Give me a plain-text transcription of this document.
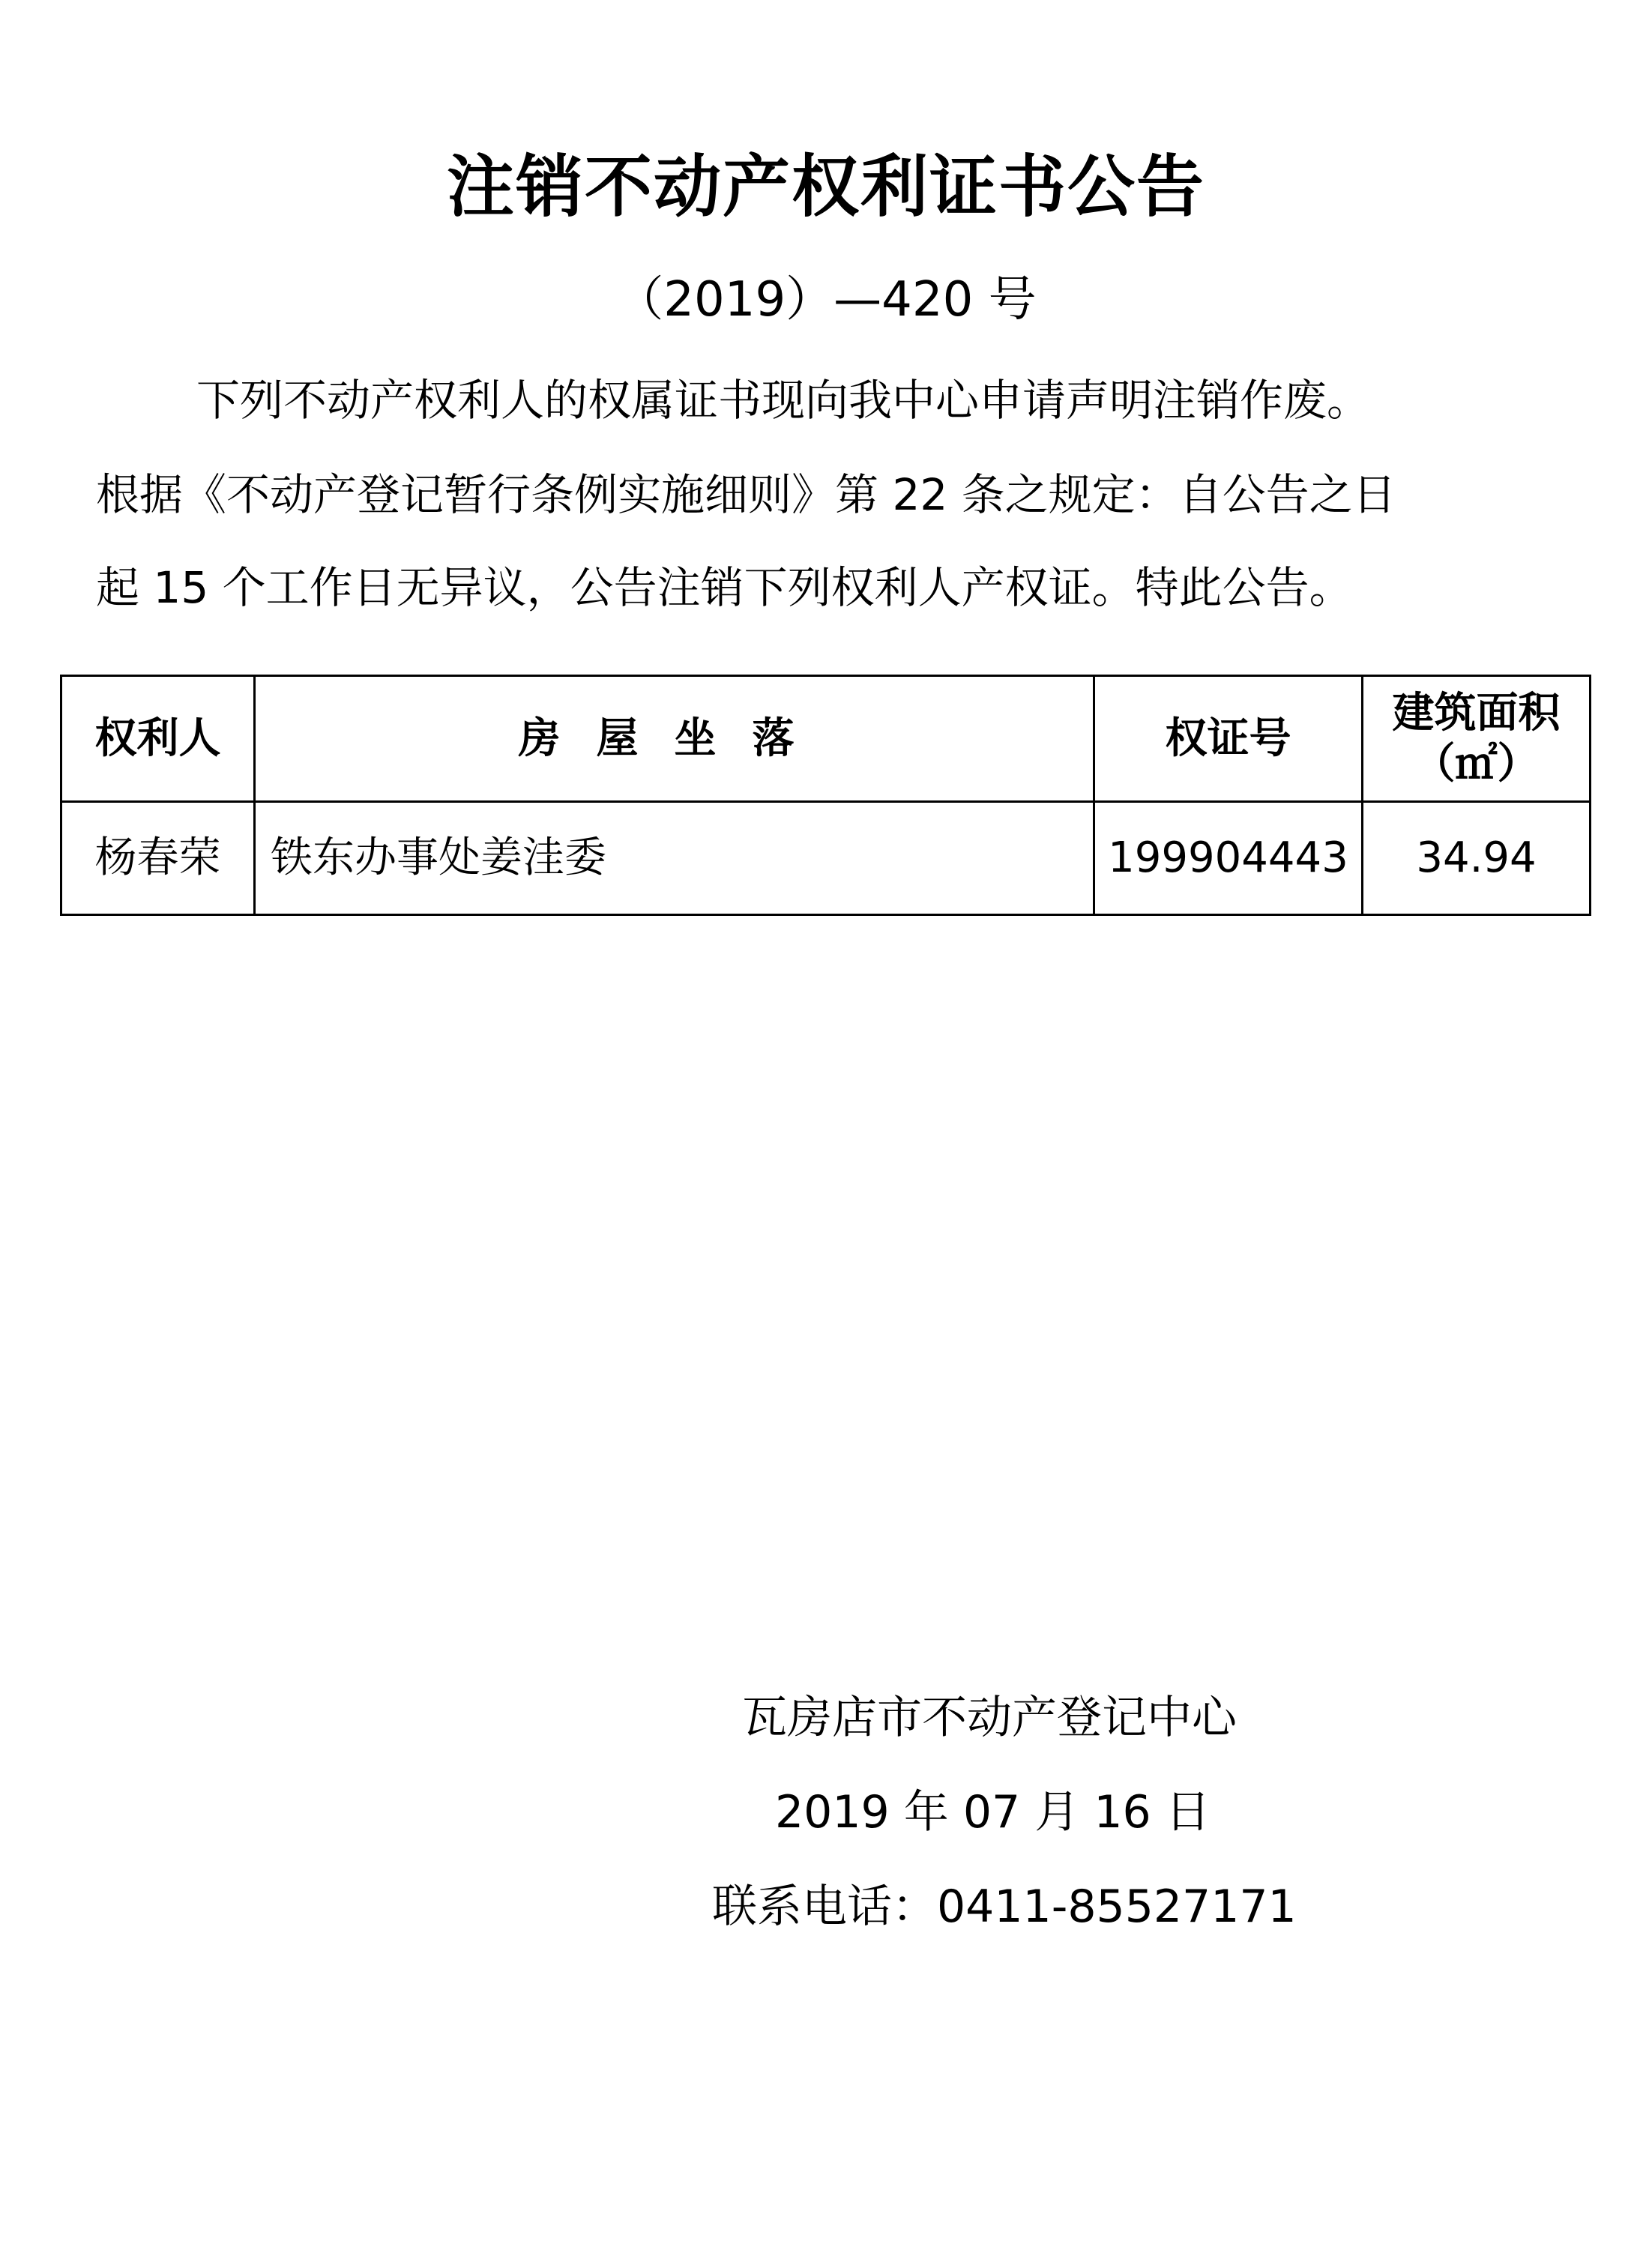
注销不动产权利证书公告
（2019）—420 号
下列不动产权利人的权属证书现向我中心申请声明注销作废。
根据《不动产登记暂行条例实施细则》第 22 条之规定：自公告之日
起 15 个工作日无异议，公告注销下列权利人产权证。特此公告。
权利人	房屋坐落	权证号	建筑面积
（㎡）

杨春荣	铁东办事处姜洼委	199904443	34.94
瓦房店市不动产登记中心
2019 年 07 月 16 日
联系电话：0411-85527171
